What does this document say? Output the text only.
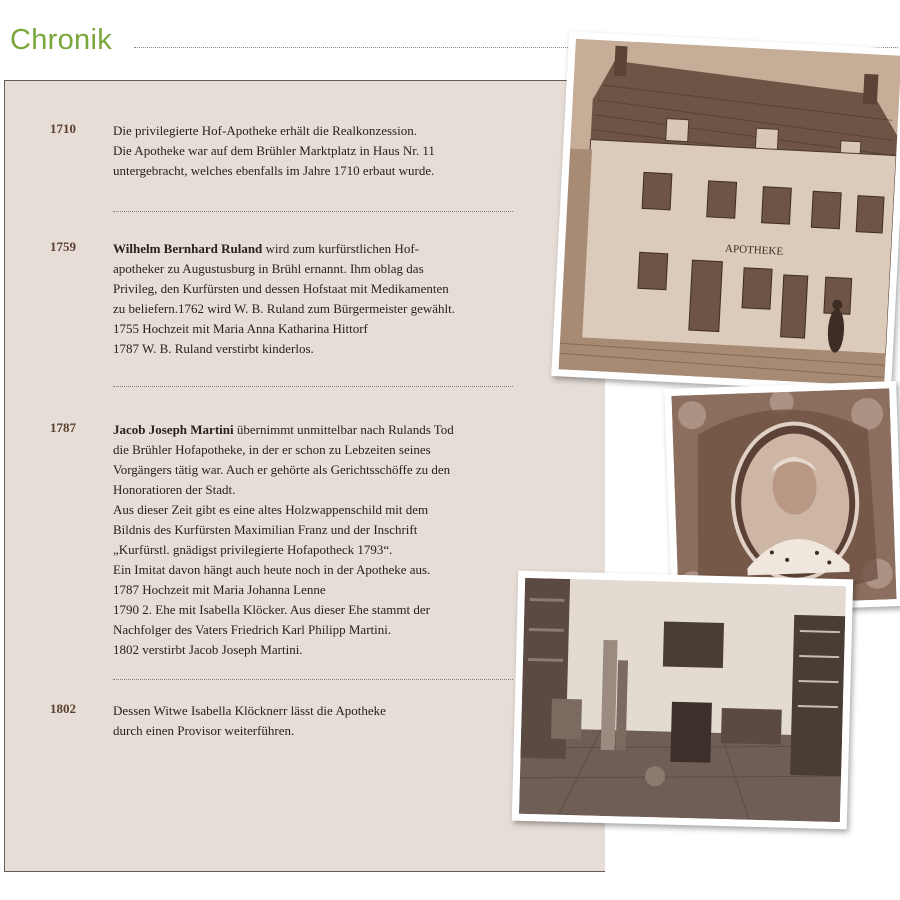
Chronik
1710	Die privilegierte Hof-Apotheke erhält die Realkonzession.
Die Apotheke war auf dem Brühler Marktplatz in Haus Nr. 11
untergebracht, welches ebenfalls im Jahre 1710 erbaut wurde.

1759	Wilhelm Bernhard Ruland wird zum kurfürstlichen Hof-
apotheker zu Augustusburg in Brühl ernannt. Ihm oblag das
Privileg, den Kurfürsten und dessen Hofstaat mit Medikamenten
zu beliefern.1762 wird W. B. Ruland zum Bürgermeister gewählt.
1755 Hochzeit mit Maria Anna Katharina Hittorf
1787 W. B. Ruland verstirbt kinderlos.

1787	Jacob Joseph Martini übernimmt unmittelbar nach Rulands Tod
die Brühler Hofapotheke, in der er schon zu Lebzeiten seines
Vorgängers tätig war. Auch er gehörte als Gerichtsschöffe zu den
Honoratioren der Stadt.
Aus dieser Zeit gibt es eine altes Holzwappenschild mit dem
Bildnis des Kurfürsten Maximilian Franz und der Inschrift
„Kurfürstl. gnädigst privilegierte Hofapotheck 1793“.
Ein Imitat davon hängt auch heute noch in der Apotheke aus.
1787 Hochzeit mit Maria Johanna Lenne
1790 2. Ehe mit Isabella Klöcker. Aus dieser Ehe stammt der
Nachfolger des Vaters Friedrich Karl Philipp Martini.
1802 verstirbt Jacob Joseph Martini.

1802	Dessen Witwe Isabella Klöcknerr lässt die Apotheke
durch einen Provisor weiterführen.

APOTHEKE
